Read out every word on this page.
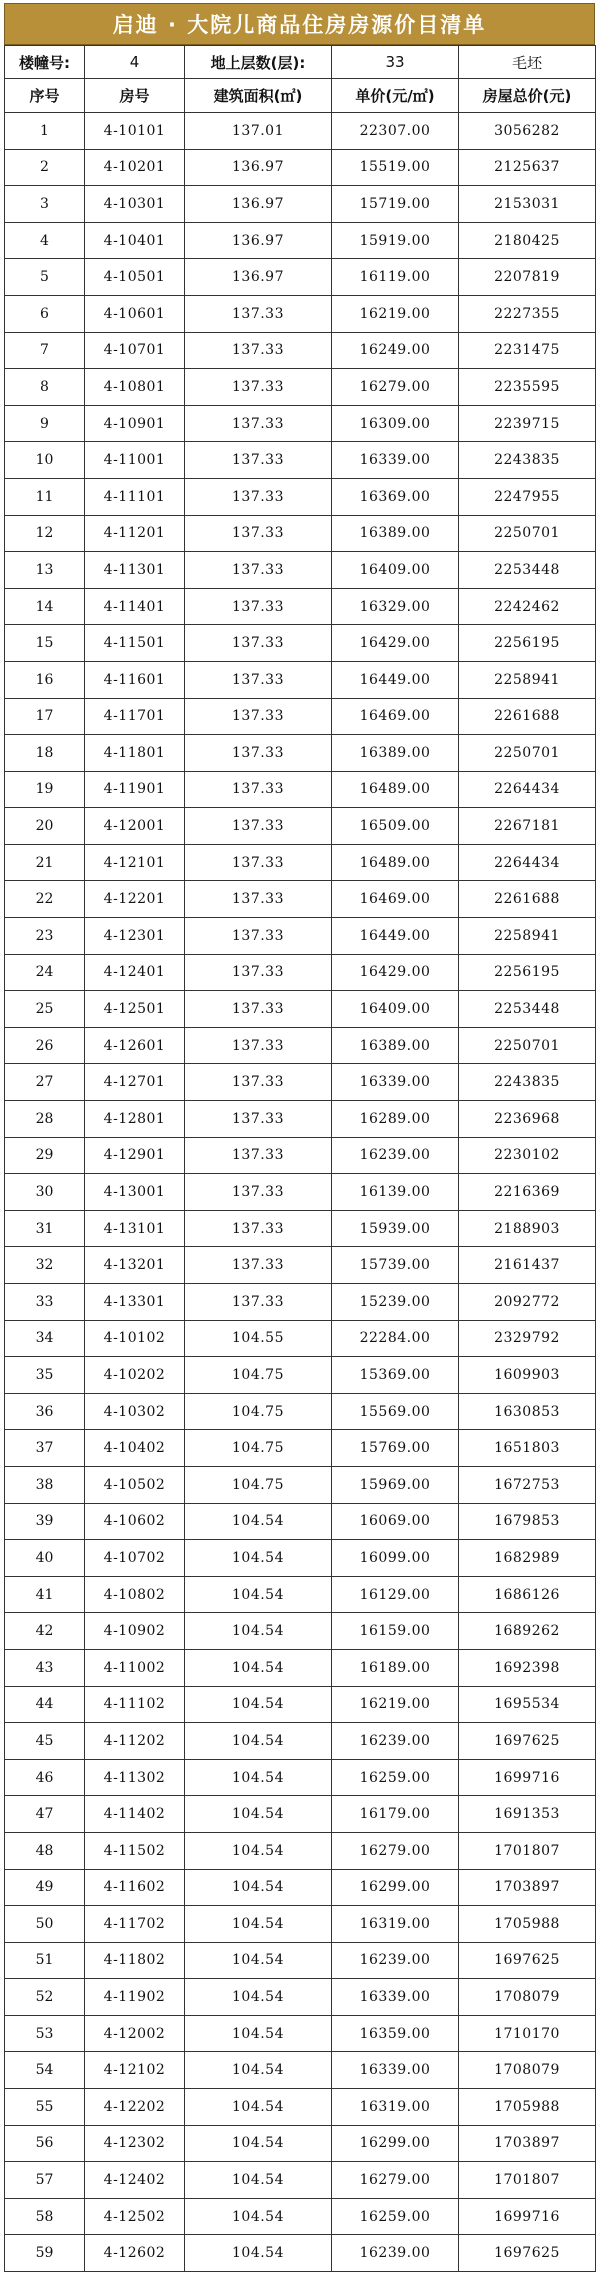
启迪 · 大院儿商品住房房源价目清单
楼幢号:	4	地上层数(层):	33	毛坯
序号	房号	建筑面积(㎡)	单价(元/㎡)	房屋总价(元)
1	4-10101	137.01	22307.00	3056282
2	4-10201	136.97	15519.00	2125637
3	4-10301	136.97	15719.00	2153031
4	4-10401	136.97	15919.00	2180425
5	4-10501	136.97	16119.00	2207819
6	4-10601	137.33	16219.00	2227355
7	4-10701	137.33	16249.00	2231475
8	4-10801	137.33	16279.00	2235595
9	4-10901	137.33	16309.00	2239715
10	4-11001	137.33	16339.00	2243835
11	4-11101	137.33	16369.00	2247955
12	4-11201	137.33	16389.00	2250701
13	4-11301	137.33	16409.00	2253448
14	4-11401	137.33	16329.00	2242462
15	4-11501	137.33	16429.00	2256195
16	4-11601	137.33	16449.00	2258941
17	4-11701	137.33	16469.00	2261688
18	4-11801	137.33	16389.00	2250701
19	4-11901	137.33	16489.00	2264434
20	4-12001	137.33	16509.00	2267181
21	4-12101	137.33	16489.00	2264434
22	4-12201	137.33	16469.00	2261688
23	4-12301	137.33	16449.00	2258941
24	4-12401	137.33	16429.00	2256195
25	4-12501	137.33	16409.00	2253448
26	4-12601	137.33	16389.00	2250701
27	4-12701	137.33	16339.00	2243835
28	4-12801	137.33	16289.00	2236968
29	4-12901	137.33	16239.00	2230102
30	4-13001	137.33	16139.00	2216369
31	4-13101	137.33	15939.00	2188903
32	4-13201	137.33	15739.00	2161437
33	4-13301	137.33	15239.00	2092772
34	4-10102	104.55	22284.00	2329792
35	4-10202	104.75	15369.00	1609903
36	4-10302	104.75	15569.00	1630853
37	4-10402	104.75	15769.00	1651803
38	4-10502	104.75	15969.00	1672753
39	4-10602	104.54	16069.00	1679853
40	4-10702	104.54	16099.00	1682989
41	4-10802	104.54	16129.00	1686126
42	4-10902	104.54	16159.00	1689262
43	4-11002	104.54	16189.00	1692398
44	4-11102	104.54	16219.00	1695534
45	4-11202	104.54	16239.00	1697625
46	4-11302	104.54	16259.00	1699716
47	4-11402	104.54	16179.00	1691353
48	4-11502	104.54	16279.00	1701807
49	4-11602	104.54	16299.00	1703897
50	4-11702	104.54	16319.00	1705988
51	4-11802	104.54	16239.00	1697625
52	4-11902	104.54	16339.00	1708079
53	4-12002	104.54	16359.00	1710170
54	4-12102	104.54	16339.00	1708079
55	4-12202	104.54	16319.00	1705988
56	4-12302	104.54	16299.00	1703897
57	4-12402	104.54	16279.00	1701807
58	4-12502	104.54	16259.00	1699716
59	4-12602	104.54	16239.00	1697625
